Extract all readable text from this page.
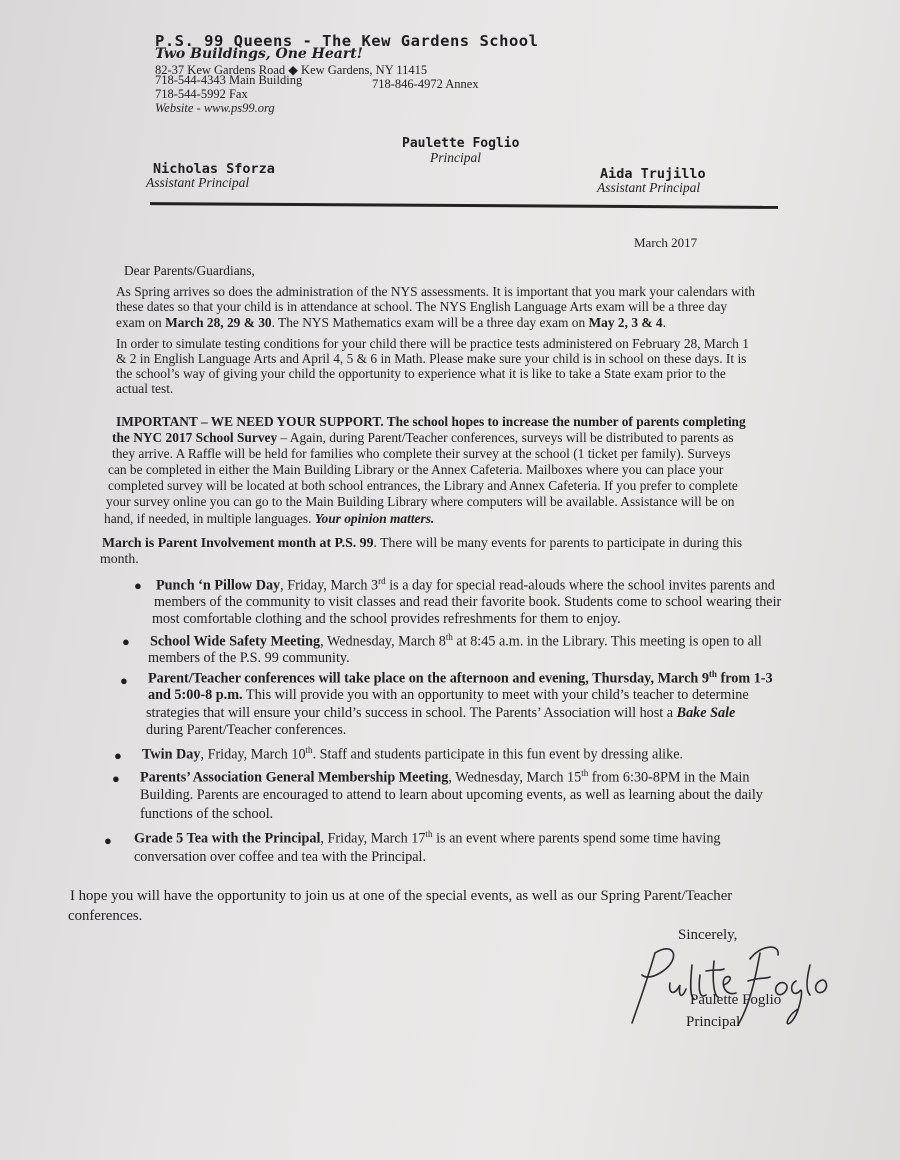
P.S. 99 Queens - The Kew Gardens School
Two Buildings, One Heart!
82-37 Kew Gardens Road ◆ Kew Gardens, NY 11415
718-544-4343 Main Building	718-846-4972 Annex
718-544-5992 Fax
Website - www.ps99.org
Paulette Foglio
Principal
Nicholas Sforza
Assistant Principal
Aida Trujillo
Assistant Principal
March 2017
Dear Parents/Guardians,
As Spring arrives so does the administration of the NYS assessments. It is important that you mark your calendars with
these dates so that your child is in attendance at school. The NYS English Language Arts exam will be a three day
exam on March 28, 29 & 30. The NYS Mathematics exam will be a three day exam on May 2, 3 & 4.
In order to simulate testing conditions for your child there will be practice tests administered on February 28, March 1
& 2 in English Language Arts and April 4, 5 & 6 in Math. Please make sure your child is in school on these days. It is
the school’s way of giving your child the opportunity to experience what it is like to take a State exam prior to the
actual test.
IMPORTANT – WE NEED YOUR SUPPORT. The school hopes to increase the number of parents completing
the NYC 2017 School Survey – Again, during Parent/Teacher conferences, surveys will be distributed to parents as
they arrive. A Raffle will be held for families who complete their survey at the school (1 ticket per family). Surveys
can be completed in either the Main Building Library or the Annex Cafeteria. Mailboxes where you can place your
completed survey will be located at both school entrances, the Library and Annex Cafeteria. If you prefer to complete
your survey online you can go to the Main Building Library where computers will be available. Assistance will be on
hand, if needed, in multiple languages. Your opinion matters.
March is Parent Involvement month at P.S. 99. There will be many events for parents to participate in during this
month.
● Punch ‘n Pillow Day, Friday, March 3rd is a day for special read-alouds where the school invites parents and
members of the community to visit classes and read their favorite book. Students come to school wearing their
most comfortable clothing and the school provides refreshments for them to enjoy.
● School Wide Safety Meeting, Wednesday, March 8th at 8:45 a.m. in the Library. This meeting is open to all
members of the P.S. 99 community.
● Parent/Teacher conferences will take place on the afternoon and evening, Thursday, March 9th from 1-3
and 5:00-8 p.m. This will provide you with an opportunity to meet with your child’s teacher to determine
strategies that will ensure your child’s success in school. The Parents’ Association will host a Bake Sale
during Parent/Teacher conferences.
● Twin Day, Friday, March 10th. Staff and students participate in this fun event by dressing alike.
● Parents’ Association General Membership Meeting, Wednesday, March 15th from 6:30-8PM in the Main
Building. Parents are encouraged to attend to learn about upcoming events, as well as learning about the daily
functions of the school.
● Grade 5 Tea with the Principal, Friday, March 17th is an event where parents spend some time having
conversation over coffee and tea with the Principal.
I hope you will have the opportunity to join us at one of the special events, as well as our Spring Parent/Teacher
conferences.
Sincerely,
Paulette Foglio
Principal
